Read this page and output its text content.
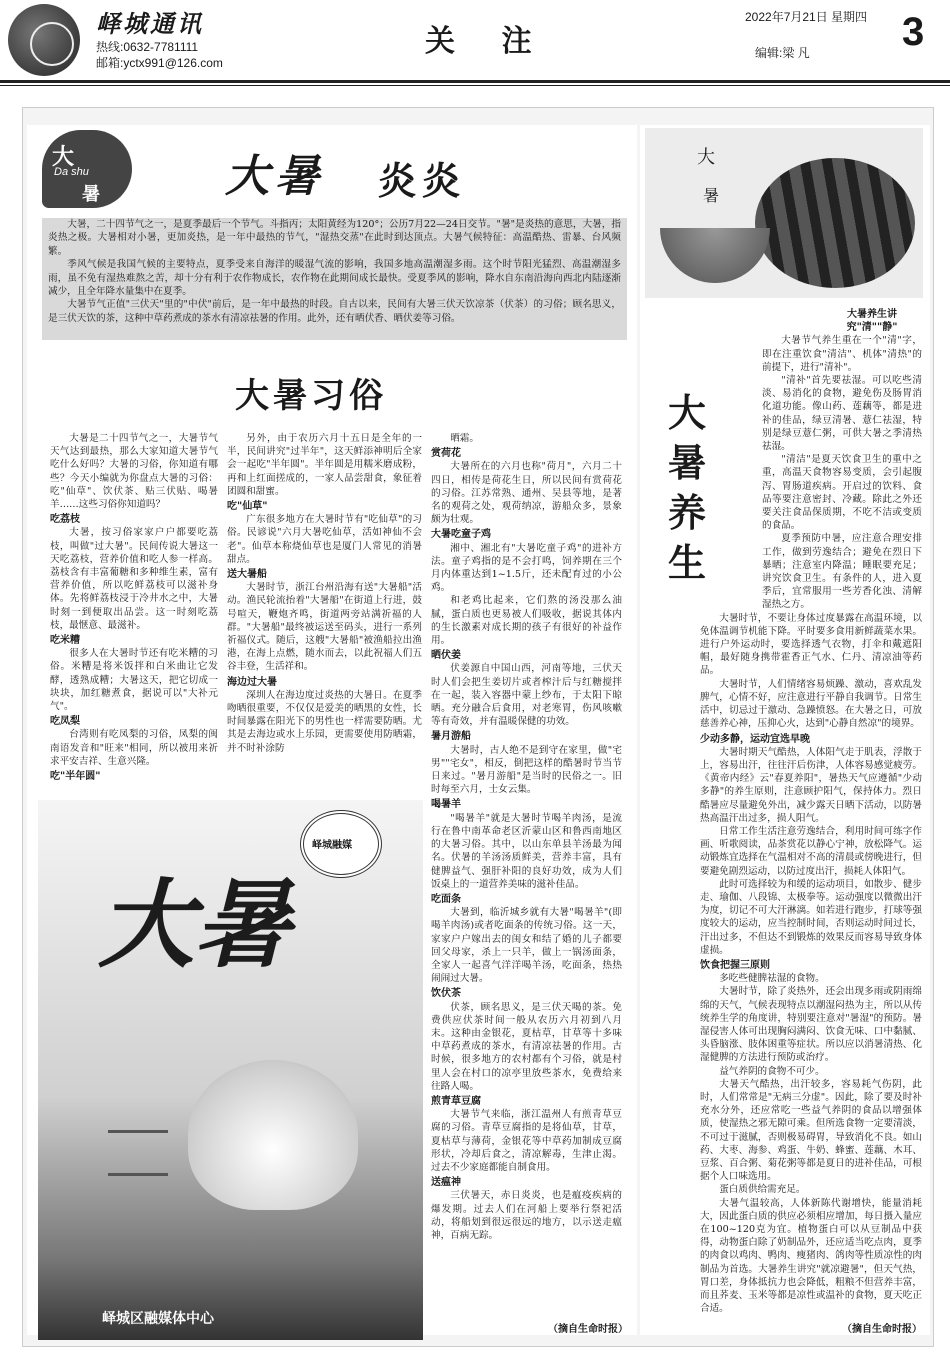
峄城通讯
热线:0632-7781111
邮箱:yctx991@126.com
关 注
2022年7月21日 星期四
编辑:梁 凡 3
大
Da shu
暑	大暑 炎炎

大暑，二十四节气之一，是夏季最后一个节气。斗指丙；太阳黄经为120°；公历7月22—24日交节。"暑"是炎热的意思，大暑，指炎热之极。大暑相对小暑，更加炎热，是一年中最热的节气，"湿热交蒸"在此时到达顶点。大暑气候特征：高温酷热、雷暴、台风频繁。

季风气候是我国气候的主要特点，夏季受来自海洋的暖湿气流的影响，我国多地高温潮湿多雨。这个时节阳光猛烈、高温潮湿多雨，虽不免有湿热难熬之苦，却十分有利于农作物成长，农作物在此期间成长最快。受夏季风的影响，降水自东南沿海向西北内陆逐渐减少，且全年降水量集中在夏季。

大暑节气正值"三伏天"里的"中伏"前后，是一年中最热的时段。自古以来，民间有大暑三伏天饮凉茶（伏茶）的习俗；顾名思义，是三伏天饮的茶，这种中草药煮成的茶水有清凉祛暑的作用。此外，还有晒伏香、晒伏姜等习俗。

大暑习俗

大暑是二十四节气之一，大暑节气天气达到最热，那么大家知道大暑节气吃什么好吗？大暑的习俗，你知道有哪些？今天小编就为你盘点大暑的习俗：吃"仙草"、饮伏茶、贴三伏贴、喝暑羊……这些习俗你知道吗？

吃荔枝

大暑，按习俗家家户户都要吃荔枝，叫做"过大暑"。民间传说大暑这一天吃荔枝，营养价值和吃人参一样高。荔枝含有丰富葡糖和多种维生素，富有营养价值，所以吃鲜荔枝可以滋补身体。先将鲜荔枝浸于冷井水之中，大暑时刻一到便取出品尝。这一时刻吃荔枝，最惬意、最滋补。

吃米糟

很多人在大暑时节还有吃米糟的习俗。米糟是将米饭拌和白米曲让它发酵，透熟成糟；大暑这天，把它切成一块块，加红糖煮食，据说可以"大补元气"。

吃凤梨

台湾则有吃凤梨的习俗，凤梨的闽南语发音和"旺来"相同，所以被用来祈求平安吉祥、生意兴隆。

吃"半年圆"

另外，由于农历六月十五日是全年的一半，民间讲究"过半年"，这天鲜添神明后全家会一起吃"半年圆"。半年圆是用糯米磨成粉，再和上红面搓成的，一家人品尝甜食，象征着团圆和甜蜜。

吃"仙草"

广东很多地方在大暑时节有"吃仙草"的习俗。民谚说"六月大暑吃仙草，活如神仙不会老"。仙草本称烧仙草也是厦门人常见的消暑甜点。

送大暑船

大暑时节，浙江台州沿海有送"大暑船"活动。渔民轮流抬着"大暑船"在街道上行进，鼓号喧天，鞭炮齐鸣，街道两旁站满祈福的人群。"大暑船"最终被运送至码头，进行一系列祈福仪式。随后，这艘"大暑船"被渔船拉出渔港，在海上点燃，随水而去，以此祝福人们五谷丰登，生活祥和。

海边过大暑

深圳人在海边度过炎热的大暑日。在夏季吻晒很重要，不仅仅是爱美的晒黑的女性，长时间暴露在阳光下的男性也一样需要防晒。尤其是去海边或水上乐园，更需要使用防晒霜，并不时补涂防

晒霜。

赏荷花

大暑所在的六月也称"荷月"，六月二十四日，相传是荷花生日，所以民间有赏荷花的习俗。江苏常熟、通州、吴县等地，是著名的观荷之处，观荷纳凉，游船众多，景象颇为壮观。

大暑吃童子鸡

湘中、湘北有"大暑吃童子鸡"的进补方法。童子鸡指的是不会打鸣，饲养期在三个月内体重达到1~1.5斤，还未配育过的小公鸡。

和老鸡比起来，它们熬的汤没那么油腻，蛋白质也更易被人们吸收，据说其体内的生长激素对成长期的孩子有很好的补益作用。

晒伏姜

伏姜源自中国山西，河南等地，三伏天时人们会把生姜切片或者榨汁后与红糖搅拌在一起，装入容器中蒙上纱布，于太阳下晾晒。充分融合后食用，对老寒胃，伤风咳嗽等有奇效，并有温暖保健的功效。

暑月游船

大暑时，古人绝不是到守在家里，做"宅男""宅女"，相反，倒把这样的酷暑时节当节日来过。"暑月游船"是当时的民俗之一。旧时每至六月，士女云集。

喝暑羊

"喝暑羊"就是大暑时节喝羊肉汤，是流行在鲁中南革命老区沂蒙山区和鲁西南地区的大暑习俗。其中，以山东单县羊汤最为闻名。伏暑的羊汤汤质鲜美，营养丰富，具有健脾益气、强肝补阳的良好功效，成为人们饭桌上的一道营养美味的滋补佳品。

吃面条

大暑到，临沂城乡就有大暑"喝暑羊"(即喝羊肉汤)或者吃面条的传统习俗。这一天，家家户户嫁出去的闺女和结了婚的儿子都要回父母家，杀上一只羊，做上一锅汤面条，全家人一起喜气洋洋喝羊汤，吃面条，热热闹闹过大暑。

饮伏茶

伏茶，顾名思义，是三伏天喝的茶。免费供应伏茶时间一般从农历六月初到八月末。这种由金银花，夏枯草，甘草等十多味中草药煮成的茶水，有清凉祛暑的作用。古时候，很多地方的农村都有个习俗，就是村里人会在村口的凉亭里放些茶水，免费给来往路人喝。

煎青草豆腐

大暑节气来临，浙江温州人有煎青草豆腐的习俗。青草豆腐指的是将仙草，甘草，夏枯草与薄荷，金银花等中草药加制成豆腐形状，冷却后食之，清凉解毒，生津止渴。过去不少家庭都能自制食用。

送瘟神

三伏暑天，赤日炎炎，也是瘟疫疾病的爆发期。过去人们在河船上要举行祭祀活动，将船划到很远很远的地方，以示送走瘟神，百病无踪。

大暑
峄城区融媒体中心
峄城融媒
（摘自生命时报）
大
暑
大暑养生
大暑养生讲究"清""静"

大暑节气养生重在一个"清"字，即在注重饮食"清洁"、机体"清热"的前提下，进行"清补"。

"清补"首先要祛湿。可以吃些清淡、易消化的食物，避免伤及肠胃消化道功能。像山药、莲藕等，都是进补的佳品，绿豆清暑、薏仁祛湿，特别是绿豆薏仁粥，可供大暑之季清热祛湿。

"清洁"是夏天饮食卫生的重中之重，高温天食物容易变质，会引起腹泻、胃肠道疾病。开启过的饮料、食品等要注意密封、冷藏。除此之外还要关注食品保质期，不吃不洁或变质的食品。

夏季预防中暑，应注意合理安排工作，做到劳逸结合；避免在烈日下暴晒；注意室内降温；睡眠要充足；讲究饮食卫生。有条件的人，进入夏季后，宜常服用一些芳香化浊、清解湿热之方。

大暑时节，不要让身体过度暴露在高温环境，以免体温调节机能下降。平时要多食用新鲜蔬菜水果。进行户外运动时，要选择透气衣物，打伞和戴遮阳帽，最好随身携带霍香正气水、仁丹、清凉油等药品。

大暑时节，人们情绪容易烦躁、激动，喜欢乱发脾气，心情不好，应注意进行平静自我调节。日常生活中，切忌过于激动、急躁愤怒。在大暑之日，可放慈善养心神，压抑心火，达到"心静自然凉"的境界。

少动多静，运动宜选早晚

大暑时期天气酷热，人体阳气走于肌表，浮散于上，容易出汗，往往汗后伤津，人体容易感觉疲劳。《黄帝内经》云"春夏养阳"，暑热天气应遵循"少动多静"的养生原则，注意顾护阳气，保持体力。烈日酷暑应尽量避免外出，减少露天日晒下活动，以防暑热高温汗出过多，损人阳气。

日常工作生活注意劳逸结合，利用时间可练字作画、听歌阅读，品茶赏花以静心宁神，放松降气。运动锻炼宜选择在气温相对不高的清晨或傍晚进行，但要避免剧烈运动，以防过度出汗，损耗人体阳气。

此时可选择较为和缓的运动项目，如散步、健步走、瑜伽、八段锦、太极拳等。运动强度以微微出汗为度，切记不可大汗淋漓。如若进行跑步，打球等强度较大的运动，应当控制时间，否则运动时间过长，汗出过多，不但达不到锻炼的效果反而容易导致身体虚损。

饮食把握三原则

多吃些健脾祛湿的食物。

大暑时节，除了炎热外，还会出现多雨或阴雨绵绵的天气，气候表现特点以潮湿闷热为主，所以从传统养生学的角度讲，特别要注意对"暑湿"的预防。暑湿侵害人体可出现胸闷满闷、饮食无味、口中黏腻、头昏脑涨、肢体困重等症状。所以应以消暑清热、化湿健脾的方法进行预防或治疗。

益气养阴的食物不可少。

大暑天气酷热，出汗较多，容易耗气伤阴，此时，人们常常是"无病三分虚"。因此，除了要及时补充水分外，还应常吃一些益气养阴的食品以增强体质，使湿热之邪无隙可乘。但所选食物一定要清淡，不可过于滋腻，否则极易碍胃，导致消化不良。如山药、大枣、海参、鸡蛋、牛奶、蜂蜜、莲藕、木耳、豆浆、百合粥、菊花粥等都是夏日的进补佳品，可根据个人口味选用。

蛋白质供给需充足。

大暑气温较高，人体新陈代谢增快，能量消耗大，因此蛋白质的供应必须相应增加，每日摄入量应在100~120克为宜。植物蛋白可以从豆制品中获得，动物蛋白除了奶制品外，还应适当吃点肉，夏季的肉食以鸡肉、鸭肉、瘦猪肉、鸽肉等性质凉性的肉制品为首选。大暑养生讲究"就凉避暑"，但天气热，胃口差，身体抵抗力也会降低，粗粮不但营养丰富，而且荞麦、玉米等都是凉性或温补的食物，夏天吃正合适。

（摘自生命时报）
